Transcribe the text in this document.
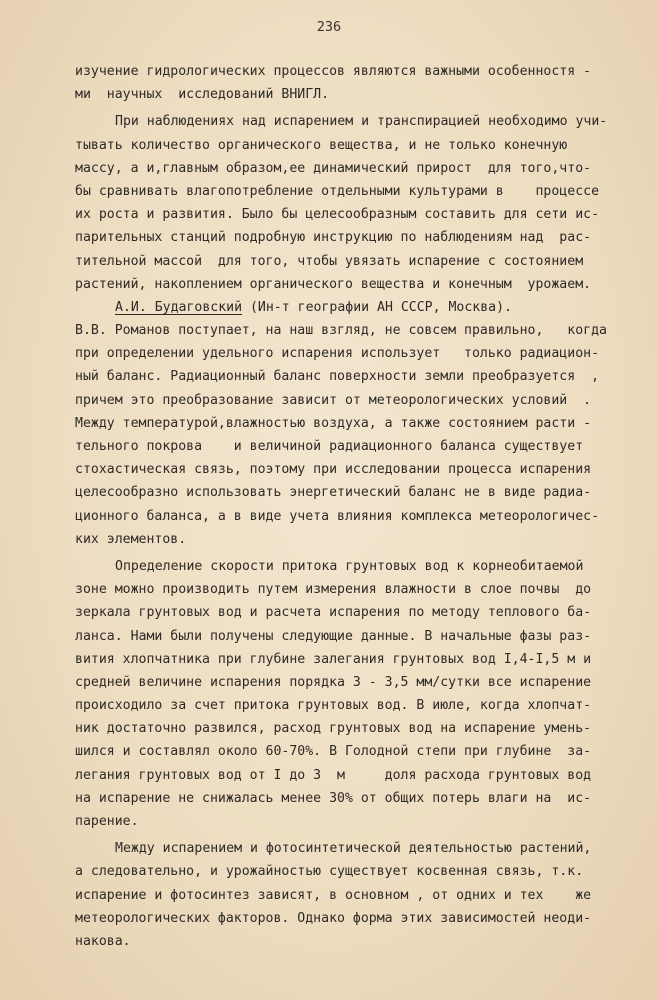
236
изучение гидрологических процессов являются важными особенностя -
ми  научных  исследований ВНИГЛ.
При наблюдениях над испарением и транспирацией необходимо учи-
тывать количество органического вещества, и не только конечную
массу, а и,главным образом,ее динамический прирост  для того,что-
бы сравнивать влагопотребление отдельными культурами в    процессе
их роста и развития. Было бы целесообразным составить для сети ис-
парительных станций подробную инструкцию по наблюдениям над  рас-
тительной массой  для того, чтобы увязать испарение с состоянием
растений, накоплением органического вещества и конечным  урожаем.
А.И. Будаговский (Ин-т географии АН СССР, Москва).
В.В. Романов поступает, на наш взгляд, не совсем правильно,   когда
при определении удельного испарения использует   только радиацион-
ный баланс. Радиационный баланс поверхности земли преобразуется  ,
причем это преобразование зависит от метеорологических условий  .
Между температурой,влажностью воздуха, а также состоянием расти -
тельного покрова    и величиной радиационного баланса существует
стохастическая связь, поэтому при исследовании процесса испарения
целесообразно использовать энергетический баланс не в виде радиа-
ционного баланса, а в виде учета влияния комплекса метеорологичес-
ких элементов.
Определение скорости притока грунтовых вод к корнеобитаемой
зоне можно производить путем измерения влажности в слое почвы  до
зеркала грунтовых вод и расчета испарения по методу теплового ба-
ланса. Нами были получены следующие данные. В начальные фазы раз-
вития хлопчатника при глубине залегания грунтовых вод I,4-I,5 м и
средней величине испарения порядка 3 - 3,5 мм/сутки все испарение
происходило за счет притока грунтовых вод. В июле, когда хлопчат-
ник достаточно развился, расход грунтовых вод на испарение умень-
шился и составлял около 60-70%. В Голодной степи при глубине  за-
легания грунтовых вод от I до 3  м     доля расхода грунтовых вод
на испарение не снижалась менее 30% от общих потерь влаги на  ис-
парение.
Между испарением и фотосинтетической деятельностью растений,
а следовательно, и урожайностью существует косвенная связь, т.к.
испарение и фотосинтез зависят, в основном , от одних и тех    же
метеорологических факторов. Однако форма этих зависимостей неоди-
накова.
